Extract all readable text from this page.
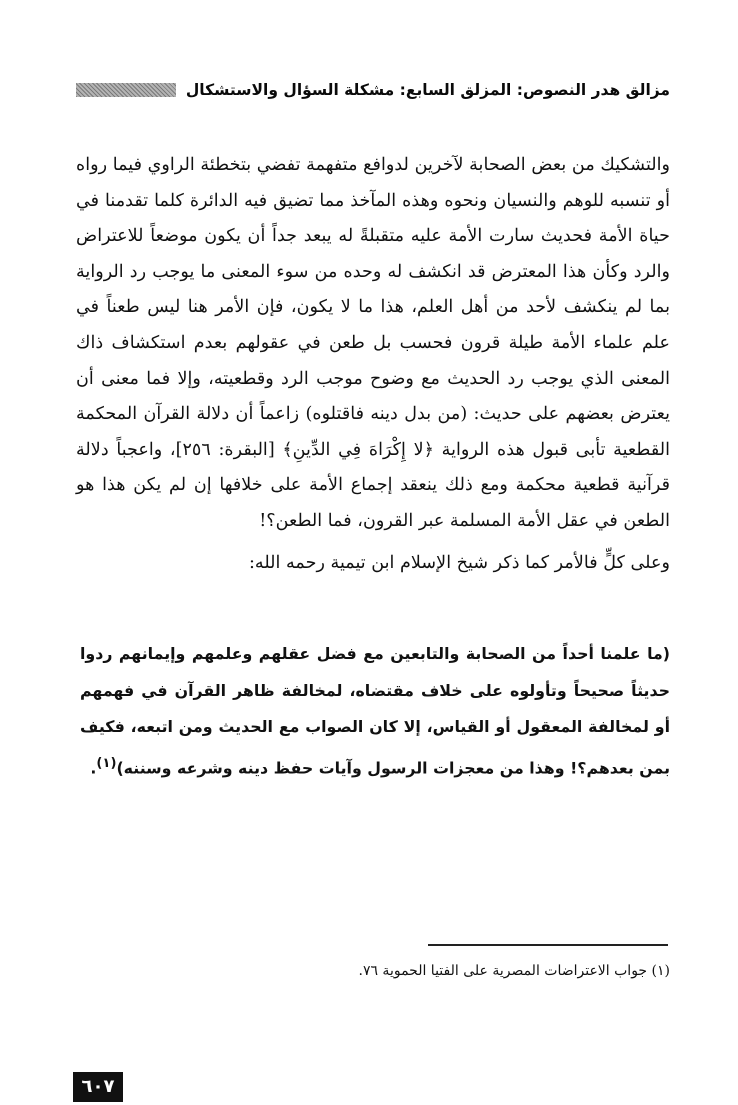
مزالق هدر النصوص: المزلق السابع: مشكلة السؤال والاستشكال

والتشكيك من بعض الصحابة لآخرين لدوافع متفهمة تفضي بتخطئة الراوي فيما رواه أو تنسبه للوهم والنسيان ونحوه وهذه المآخذ مما تضيق فيه الدائرة كلما تقدمنا في حياة الأمة فحديث سارت الأمة عليه متقبلةً له يبعد جداً أن يكون موضعاً للاعتراض والرد وكأن هذا المعترض قد انكشف له وحده من سوء المعنى ما يوجب رد الرواية بما لم ينكشف لأحد من أهل العلم، هذا ما لا يكون، فإن الأمر هنا ليس طعناً في علم علماء الأمة طيلة قرون فحسب بل طعن في عقولهم بعدم استكشاف ذاك المعنى الذي يوجب رد الحديث مع وضوح موجب الرد وقطعيته، وإلا فما معنى أن يعترض بعضهم على حديث: (من بدل دينه فاقتلوه) زاعماً أن دلالة القرآن المحكمة القطعية تأبى قبول هذه الرواية ﴿لا إِكْرَاهَ فِي الدِّينِ﴾ [البقرة: ٢٥٦]، واعجباً دلالة قرآنية قطعية محكمة ومع ذلك ينعقد إجماع الأمة على خلافها إن لم يكن هذا هو الطعن في عقل الأمة المسلمة عبر القرون، فما الطعن؟!

وعلى كلٍّ فالأمر كما ذكر شيخ الإسلام ابن تيمية رحمه الله:

(ما علمنا أحداً من الصحابة والتابعين مع فضل عقلهم وعلمهم وإيمانهم ردوا حديثاً صحيحاً وتأولوه على خلاف مقتضاه، لمخالفة ظاهر القرآن في فهمهم أو لمخالفة المعقول أو القياس، إلا كان الصواب مع الحديث ومن اتبعه، فكيف بمن بعدهم؟! وهذا من معجزات الرسول وآيات حفظ دينه وشرعه وسننه)$^{(١)}$.

(١) جواب الاعتراضات المصرية على الفتيا الحموية ٧٦.
٦٠٧
